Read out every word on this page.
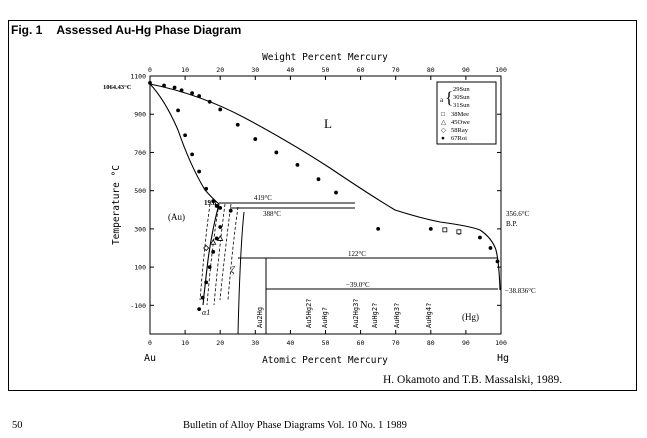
Fig. 1 Assessed Au-Hg Phase Diagram
0	10	20	30	40	50	60	70	80	90	100
0	10	20	30	40	50	60	70	80	90	100
1100
900
700
500
300
100
-100
Weight Percent Mercury
Atomic Percent Mercury
Temperature °C
Au	Hg
L
(Au)
(Hg)
α1
ζ
1064.43°C
356.6°C
B.P.
−38.836°C
19.8
419°C
388°C
122°C
−39.0°C
Au2Hg	Au5Hg2? AuHg?	Au2Hg3? AuHg2? AuHg3?	AuHg4?
a { 29Sun
30Sun
31Sun
□ 38Mee
△ 45Owe
◇ 58Ray
● 67Roi
H. Okamoto and T.B. Massalski, 1989.
50	Bulletin of Alloy Phase Diagrams Vol. 10 No. 1 1989
